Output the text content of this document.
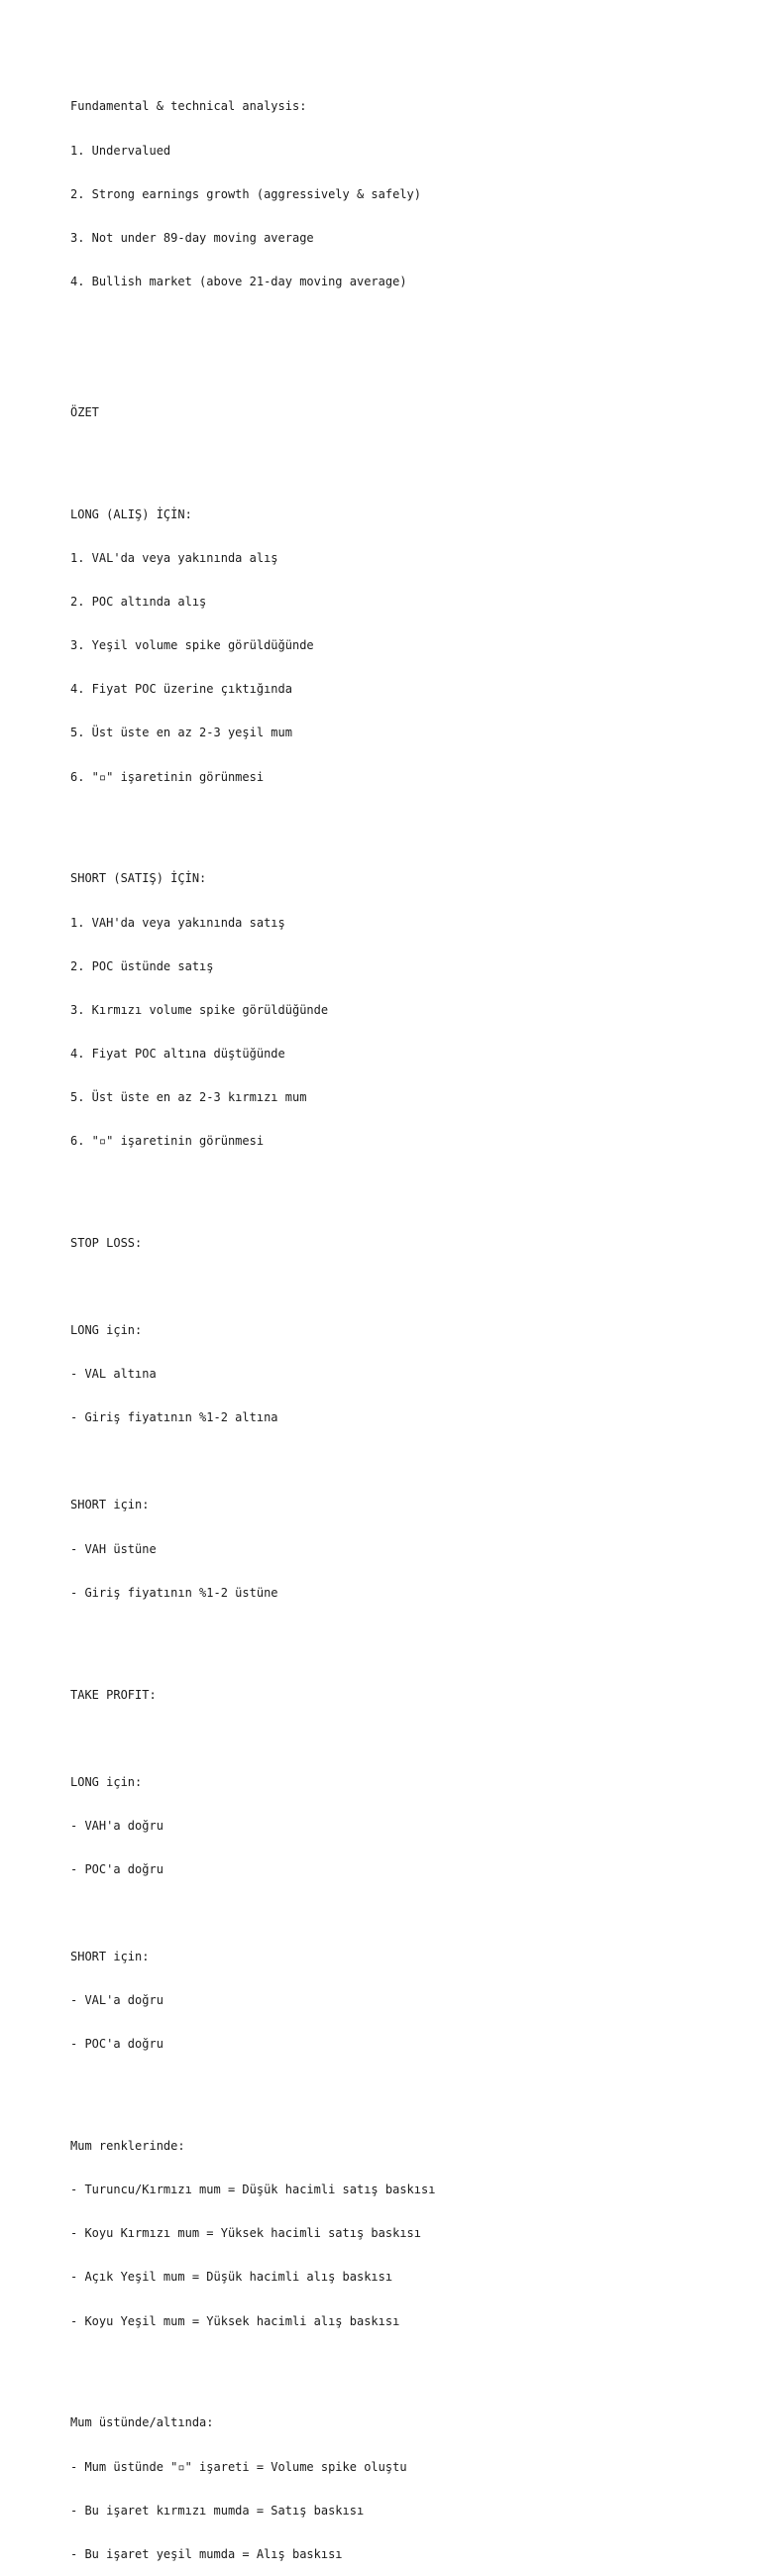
Fundamental & technical analysis:

1. Undervalued

2. Strong earnings growth (aggressively & safely)

3. Not under 89-day moving average

4. Bullish market (above 21-day moving average)

ÖZET

LONG (ALIŞ) İÇİN:

1. VAL'da veya yakınında alış

2. POC altında alış

3. Yeşil volume spike görüldüğünde

4. Fiyat POC üzerine çıktığında

5. Üst üste en az 2-3 yeşil mum

6. "▫" işaretinin görünmesi

SHORT (SATIŞ) İÇİN:

1. VAH'da veya yakınında satış

2. POC üstünde satış

3. Kırmızı volume spike görüldüğünde

4. Fiyat POC altına düştüğünde

5. Üst üste en az 2-3 kırmızı mum

6. "▫" işaretinin görünmesi

STOP LOSS:

LONG için:

- VAL altına

- Giriş fiyatının %1-2 altına

SHORT için:

- VAH üstüne

- Giriş fiyatının %1-2 üstüne

TAKE PROFIT:

LONG için:

- VAH'a doğru

- POC'a doğru

SHORT için:

- VAL'a doğru

- POC'a doğru

Mum renklerinde:

- Turuncu/Kırmızı mum = Düşük hacimli satış baskısı

- Koyu Kırmızı mum = Yüksek hacimli satış baskısı

- Açık Yeşil mum = Düşük hacimli alış baskısı

- Koyu Yeşil mum = Yüksek hacimli alış baskısı

Mum üstünde/altında:

- Mum üstünde "▫" işareti = Volume spike oluştu

- Bu işaret kırmızı mumda = Satış baskısı

- Bu işaret yeşil mumda = Alış baskısı
